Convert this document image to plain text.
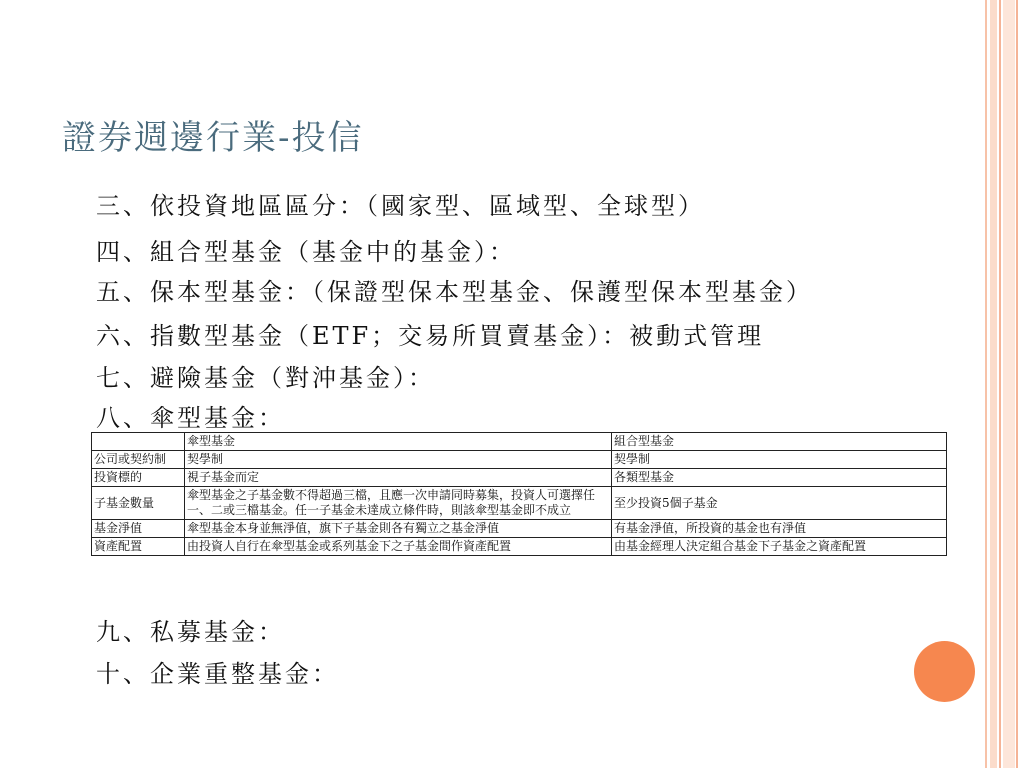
證券週邊行業-投信
三、依投資地區區分：（國家型、區域型、全球型）
四、組合型基金（基金中的基金）：
五、保本型基金：（保證型保本型基金、保護型保本型基金）
六、指數型基金（ETF；交易所買賣基金）：被動式管理
七、避險基金（對沖基金）：
八、傘型基金：
	傘型基金	組合型基金
公司或契約制	契學制	契學制
投資標的	視子基金而定	各類型基金
子基金數量	傘型基金之子基金數不得超過三檔，且應一次申請同時募集，投資人可選擇任一、二或三檔基金。任一子基金未達成立條件時，則該傘型基金即不成立	至少投資5個子基金
基金淨值	傘型基金本身並無淨值，旗下子基金則各有獨立之基金淨值	有基金淨值，所投資的基金也有淨值
資產配置	由投資人自行在傘型基金或系列基金下之子基金間作資產配置	由基金經理人決定組合基金下子基金之資產配置
九、私募基金：
十、企業重整基金：
